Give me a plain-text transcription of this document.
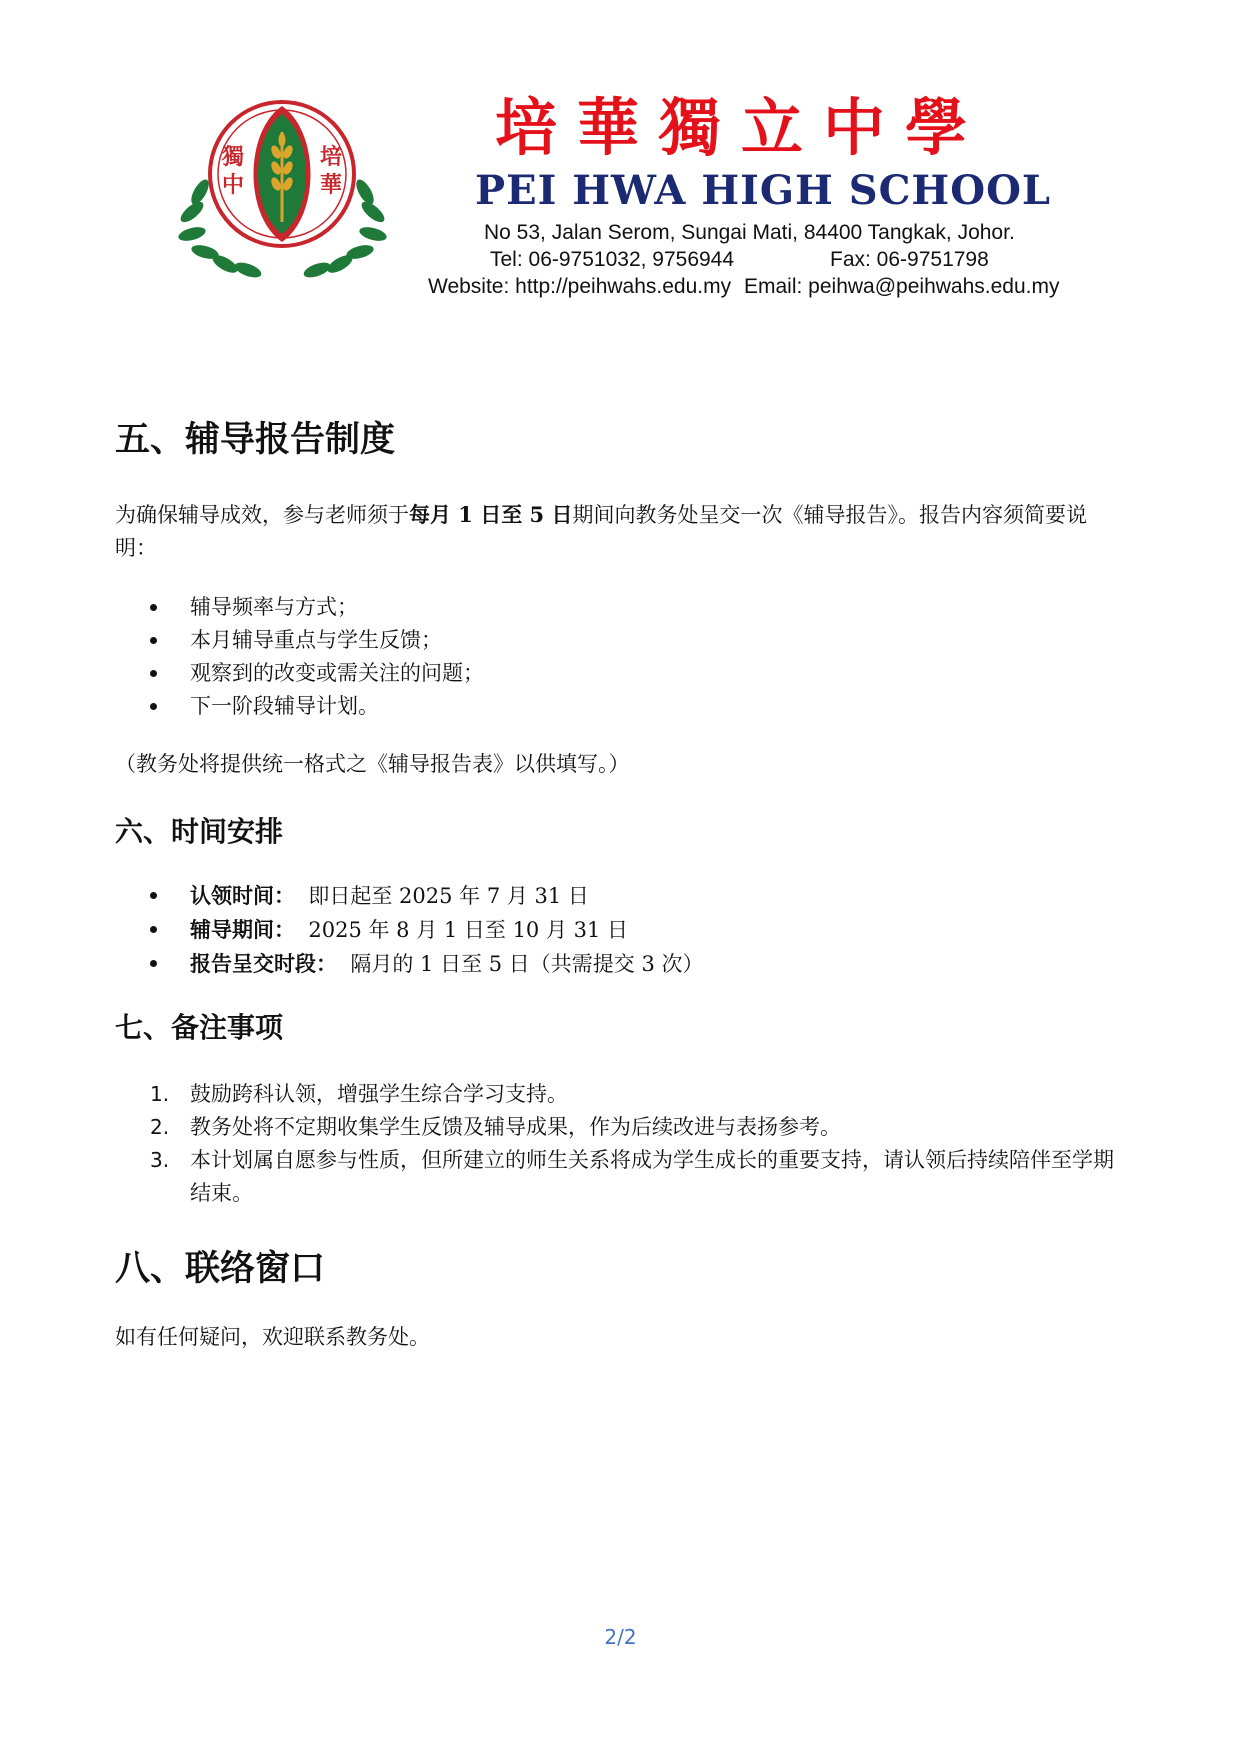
獨
中
培
華
培華獨立中學
PEI HWA HIGH SCHOOL
No 53, Jalan Serom, Sungai Mati, 84400 Tangkak, Johor.
Tel: 06-9751032, 9756944	Fax: 06-9751798
Website: http://peihwahs.edu.my Email: peihwa@peihwahs.edu.my
五、辅导报告制度

为确保辅导成效，参与老师须于每月 1 日至 5 日期间向教务处呈交一次《辅导报告》。报告内容须简要说明：

辅导频率与方式；
本月辅导重点与学生反馈；
观察到的改变或需关注的问题；
下一阶段辅导计划。

（教务处将提供统一格式之《辅导报告表》以供填写。）

六、时间安排
认领时间： 即日起至 2025 年 7 月 31 日
辅导期间： 2025 年 8 月 1 日至 10 月 31 日
报告呈交时段： 隔月的 1 日至 5 日（共需提交 3 次）
七、备注事项
1. 鼓励跨科认领，增强学生综合学习支持。
2. 教务处将不定期收集学生反馈及辅导成果，作为后续改进与表扬参考。
3. 本计划属自愿参与性质，但所建立的师生关系将成为学生成长的重要支持，请认领后持续陪伴至学期结束。
八、联络窗口

如有任何疑问，欢迎联系教务处。

2/2
